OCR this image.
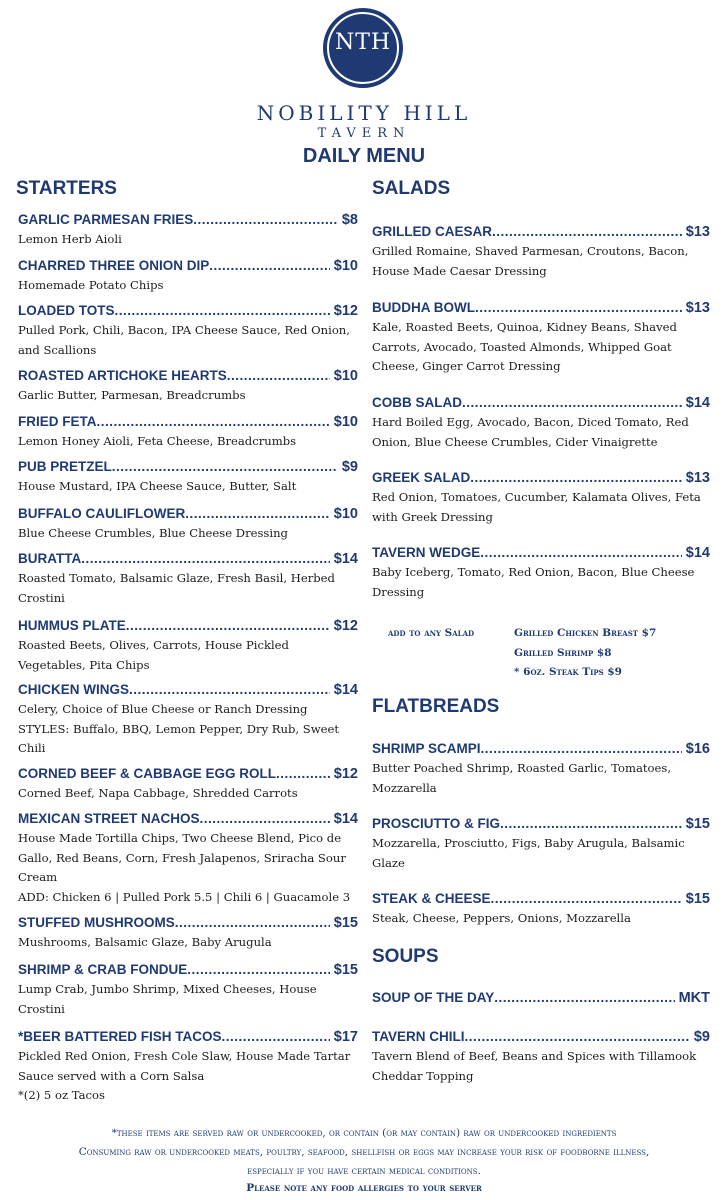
NTH
NOBILITY HILL
TAVERN
DAILY MENU
STARTERS
GARLIC PARMESAN FRIES .....	$8
Lemon Herb Aioli
CHARRED THREE ONION DIP .....	$10
Homemade Potato Chips
LOADED TOTS .....	$12
Pulled Pork, Chili, Bacon, IPA Cheese Sauce, Red Onion, and Scallions
ROASTED ARTICHOKE HEARTS .....	$10
Garlic Butter, Parmesan, Breadcrumbs
FRIED FETA .....	$10
Lemon Honey Aioli, Feta Cheese, Breadcrumbs
PUB PRETZEL .....	$9
House Mustard, IPA Cheese Sauce, Butter, Salt
BUFFALO CAULIFLOWER .....	$10
Blue Cheese Crumbles, Blue Cheese Dressing
BURATTA .....	$14
Roasted Tomato, Balsamic Glaze, Fresh Basil, Herbed Crostini
HUMMUS PLATE .....	$12
Roasted Beets, Olives, Carrots, House Pickled Vegetables, Pita Chips
CHICKEN WINGS .....	$14
Celery, Choice of Blue Cheese or Ranch Dressing STYLES: Buffalo, BBQ, Lemon Pepper, Dry Rub, Sweet Chili
CORNED BEEF & CABBAGE EGG ROLL .....	$12
Corned Beef, Napa Cabbage, Shredded Carrots
MEXICAN STREET NACHOS .....	$14
House Made Tortilla Chips, Two Cheese Blend, Pico de Gallo, Red Beans, Corn, Fresh Jalapenos, Sriracha Sour Cream
ADD: Chicken 6 | Pulled Pork 5.5 | Chili 6 | Guacamole 3
STUFFED MUSHROOMS .....	$15
Mushrooms, Balsamic Glaze, Baby Arugula
SHRIMP & CRAB FONDUE .....	$15
Lump Crab, Jumbo Shrimp, Mixed Cheeses, House Crostini
*BEER BATTERED FISH TACOS .....	$17
Pickled Red Onion, Fresh Cole Slaw, House Made Tartar Sauce served with a Corn Salsa
*(2) 5 oz Tacos
SALADS
GRILLED CAESAR .....	$13
Grilled Romaine, Shaved Parmesan, Croutons, Bacon, House Made Caesar Dressing
BUDDHA BOWL .....	$13
Kale, Roasted Beets, Quinoa, Kidney Beans, Shaved Carrots, Avocado, Toasted Almonds, Whipped Goat Cheese, Ginger Carrot Dressing
COBB SALAD .....	$14
Hard Boiled Egg, Avocado, Bacon, Diced Tomato, Red Onion, Blue Cheese Crumbles, Cider Vinaigrette
GREEK SALAD .....	$13
Red Onion, Tomatoes, Cucumber, Kalamata Olives, Feta with Greek Dressing
TAVERN WEDGE .....	$14
Baby Iceberg, Tomato, Red Onion, Bacon, Blue Cheese Dressing
add to any Salad	Grilled Chicken Breast $7
Grilled Shrimp $8
* 6oz. Steak Tips $9
FLATBREADS
SHRIMP SCAMPI .....	$16
Butter Poached Shrimp, Roasted Garlic, Tomatoes, Mozzarella
PROSCIUTTO & FIG .....	$15
Mozzarella, Prosciutto, Figs, Baby Arugula, Balsamic Glaze
STEAK & CHEESE .....	$15
Steak, Cheese, Peppers, Onions, Mozzarella
SOUPS
SOUP OF THE DAY .....	MKT
TAVERN CHILI .....	$9
Tavern Blend of Beef, Beans and Spices with Tillamook Cheddar Topping
*these items are served raw or undercooked, or contain (or may contain) raw or undercooked ingredients
Consuming raw or undercooked meats, poultry, seafood, shellfish or eggs may increase your risk of foodborne illness,
especially if you have certain medical conditions.
Please note any food allergies to your server
